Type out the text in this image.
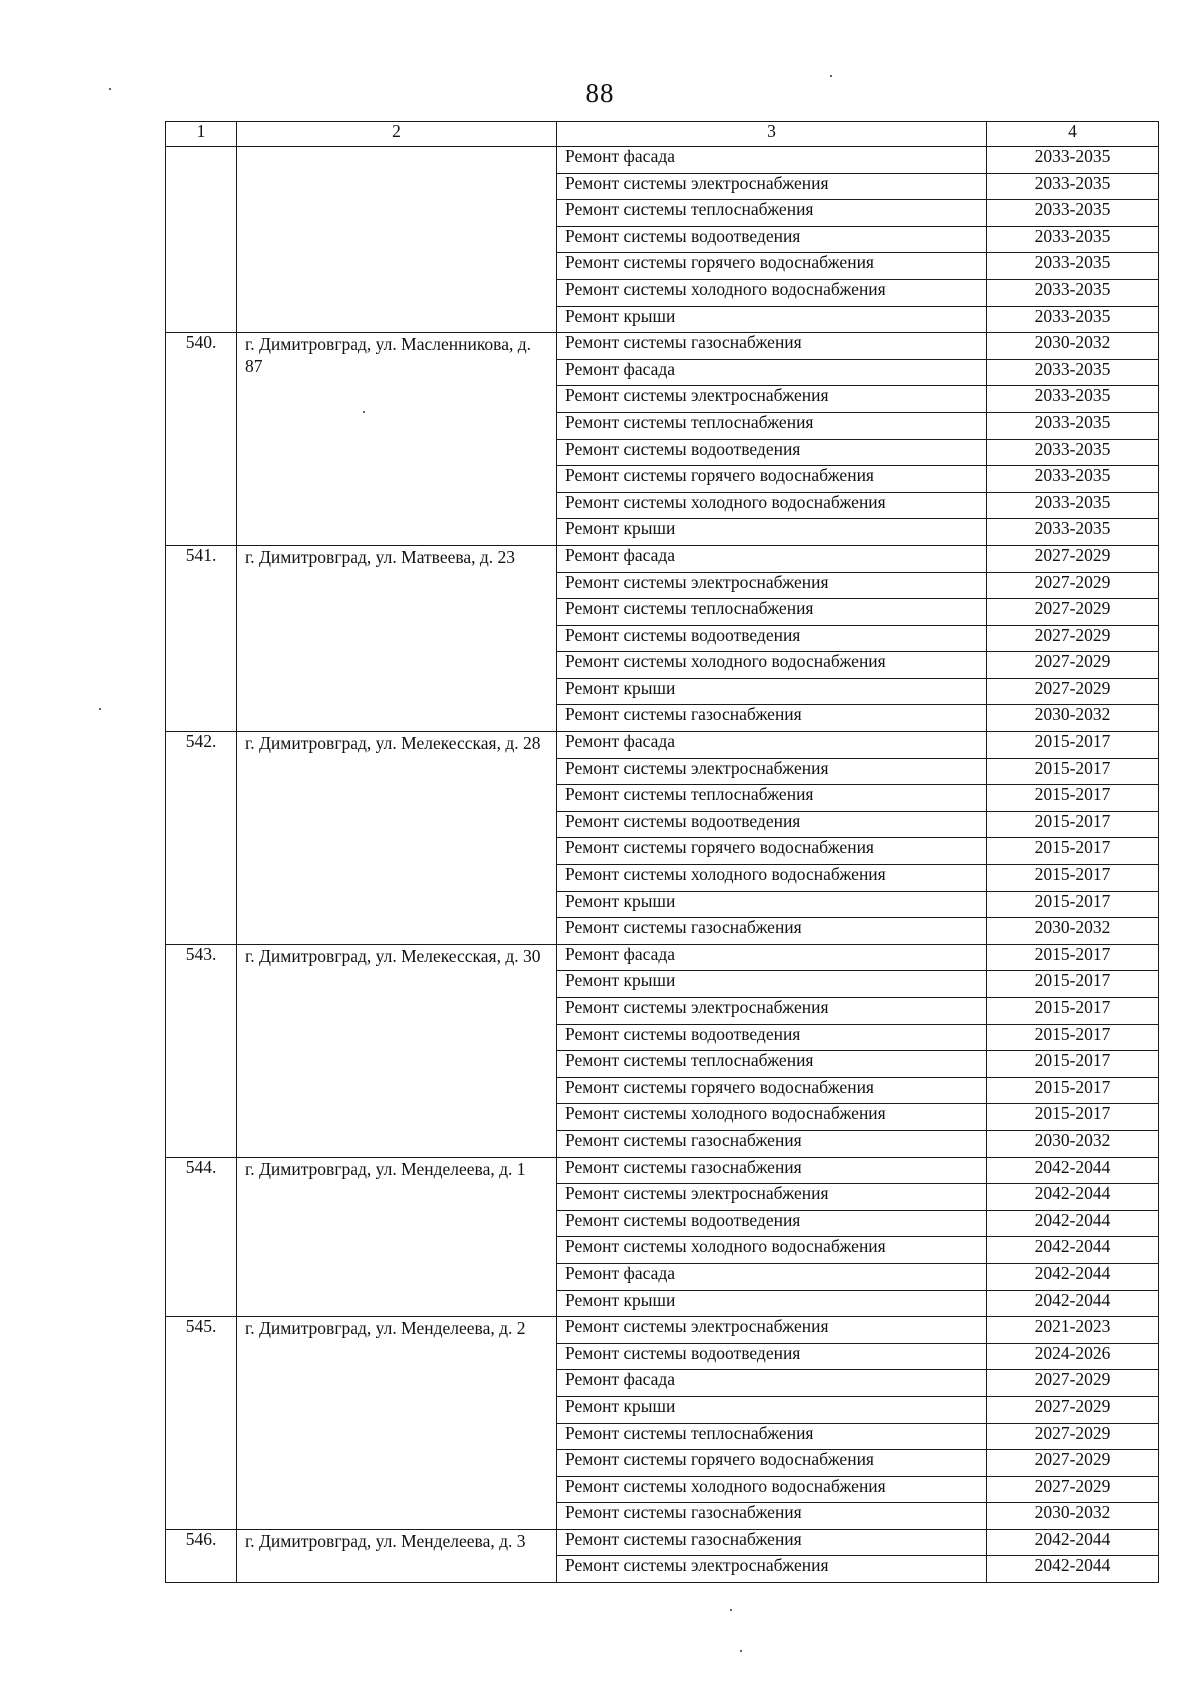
88
1	2	3	4
		Ремонт фасада	2033-2035
		Ремонт системы электроснабжения	2033-2035
		Ремонт системы теплоснабжения	2033-2035
		Ремонт системы водоотведения	2033-2035
		Ремонт системы горячего водоснабжения	2033-2035
		Ремонт системы холодного водоснабжения	2033-2035
		Ремонт крыши	2033-2035
540.	г. Димитровград, ул. Масленникова, д. 87	Ремонт системы газоснабжения	2030-2032
		Ремонт фасада	2033-2035
		Ремонт системы электроснабжения	2033-2035
		Ремонт системы теплоснабжения	2033-2035
		Ремонт системы водоотведения	2033-2035
		Ремонт системы горячего водоснабжения	2033-2035
		Ремонт системы холодного водоснабжения	2033-2035
		Ремонт крыши	2033-2035
541.	г. Димитровград, ул. Матвеева, д. 23	Ремонт фасада	2027-2029
		Ремонт системы электроснабжения	2027-2029
		Ремонт системы теплоснабжения	2027-2029
		Ремонт системы водоотведения	2027-2029
		Ремонт системы холодного водоснабжения	2027-2029
		Ремонт крыши	2027-2029
		Ремонт системы газоснабжения	2030-2032
542.	г. Димитровград, ул. Мелекесская, д. 28	Ремонт фасада	2015-2017
		Ремонт системы электроснабжения	2015-2017
		Ремонт системы теплоснабжения	2015-2017
		Ремонт системы водоотведения	2015-2017
		Ремонт системы горячего водоснабжения	2015-2017
		Ремонт системы холодного водоснабжения	2015-2017
		Ремонт крыши	2015-2017
		Ремонт системы газоснабжения	2030-2032
543.	г. Димитровград, ул. Мелекесская, д. 30	Ремонт фасада	2015-2017
		Ремонт крыши	2015-2017
		Ремонт системы электроснабжения	2015-2017
		Ремонт системы водоотведения	2015-2017
		Ремонт системы теплоснабжения	2015-2017
		Ремонт системы горячего водоснабжения	2015-2017
		Ремонт системы холодного водоснабжения	2015-2017
		Ремонт системы газоснабжения	2030-2032
544.	г. Димитровград, ул. Менделеева, д. 1	Ремонт системы газоснабжения	2042-2044
		Ремонт системы электроснабжения	2042-2044
		Ремонт системы водоотведения	2042-2044
		Ремонт системы холодного водоснабжения	2042-2044
		Ремонт фасада	2042-2044
		Ремонт крыши	2042-2044
545.	г. Димитровград, ул. Менделеева, д. 2	Ремонт системы электроснабжения	2021-2023
		Ремонт системы водоотведения	2024-2026
		Ремонт фасада	2027-2029
		Ремонт крыши	2027-2029
		Ремонт системы теплоснабжения	2027-2029
		Ремонт системы горячего водоснабжения	2027-2029
		Ремонт системы холодного водоснабжения	2027-2029
		Ремонт системы газоснабжения	2030-2032
546.	г. Димитровград, ул. Менделеева, д. 3	Ремонт системы газоснабжения	2042-2044
		Ремонт системы электроснабжения	2042-2044
